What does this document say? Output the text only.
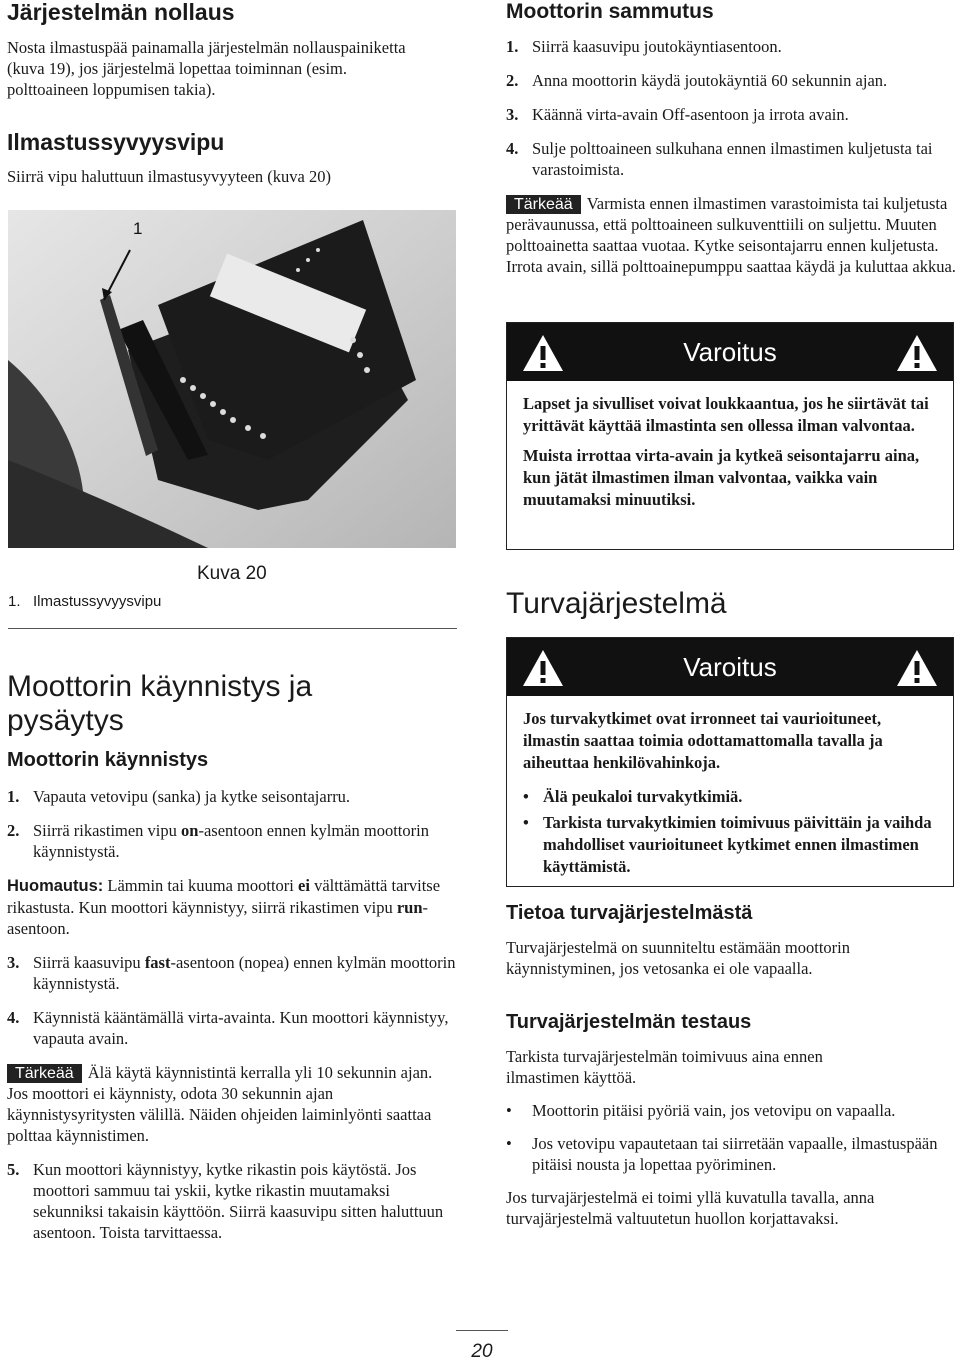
Järjestelmän nollaus

Nosta ilmastuspää painamalla järjestelmän nollauspainiketta (kuva 19), jos järjestelmä lopettaa toiminnan (esim. polttoaineen loppumisen takia).

Ilmastussyvyysvipu

Siirrä vipu haluttuun ilmastusyvyyteen (kuva 20)

1
Kuva 20
1.   Ilmastussyvyysvipu
Moottorin käynnistys ja pysäytys
Moottorin käynnistys
1. Vapauta vetovipu (sanka) ja kytke seisontajarru.
2. Siirrä rikastimen vipu on-asentoon ennen kylmän moottorin käynnistystä.

Huomautus: Lämmin tai kuuma moottori ei välttämättä tarvitse rikastusta. Kun moottori käynnistyy, siirrä rikastimen vipu run-asentoon.

3. Siirrä kaasuvipu fast-asentoon (nopea) ennen kylmän moottorin käynnistystä.
4. Käynnistä kääntämällä virta-avainta. Kun moottori käynnistyy, vapauta avain.

Tärkeää Älä käytä käynnistintä kerralla yli 10 sekunnin ajan. Jos moottori ei käynnisty, odota 30 sekunnin ajan käynnistysyritysten välillä. Näiden ohjeiden laiminlyönti saattaa polttaa käynnistimen.

5. Kun moottori käynnistyy, kytke rikastin pois käytöstä. Jos moottori sammuu tai yskii, kytke rikastin muutamaksi sekunniksi takaisin käyttöön. Siirrä kaasuvipu sitten haluttuun asentoon. Toista tarvittaessa.
Moottorin sammutus
1. Siirrä kaasuvipu joutokäyntiasentoon.
2. Anna moottorin käydä joutokäyntiä 60 sekunnin ajan.
3. Käännä virta-avain Off-asentoon ja irrota avain.
4. Sulje polttoaineen sulkuhana ennen ilmastimen kuljetusta tai varastoimista.

Tärkeää Varmista ennen ilmastimen varastoimista tai kuljetusta perävaunussa, että polttoaineen sulkuventtiili on suljettu. Muuten polttoainetta saattaa vuotaa. Kytke seisontajarru ennen kuljetusta. Irrota avain, sillä polttoainepumppu saattaa käydä ja kuluttaa akkua.

Varoitus

Lapset ja sivulliset voivat loukkaantua, jos he siirtävät tai yrittävät käyttää ilmastinta sen ollessa ilman valvontaa.

Muista irrottaa virta-avain ja kytkeä seisontajarru aina, kun jätät ilmastimen ilman valvontaa, vaikka vain muutamaksi minuutiksi.

Turvajärjestelmä
Varoitus

Jos turvakytkimet ovat irronneet tai vaurioituneet, ilmastin saattaa toimia odottamattomalla tavalla ja aiheuttaa henkilövahinkoja.

• Älä peukaloi turvakytkimiä.
• Tarkista turvakytkimien toimivuus päivittäin ja vaihda mahdolliset vaurioituneet kytkimet ennen ilmastimen käyttämistä.
Tietoa turvajärjestelmästä

Turvajärjestelmä on suunniteltu estämään moottorin käynnistyminen, jos vetosanka ei ole vapaalla.

Turvajärjestelmän testaus

Tarkista turvajärjestelmän toimivuus aina ennen ilmastimen käyttöä.

•	Moottorin pitäisi pyöriä vain, jos vetovipu on vapaalla.
•	Jos vetovipu vapautetaan tai siirretään vapaalle, ilmastuspään pitäisi nousta ja lopettaa pyöriminen.

Jos turvajärjestelmä ei toimi yllä kuvatulla tavalla, anna turvajärjestelmä valtuutetun huollon korjattavaksi.

20
